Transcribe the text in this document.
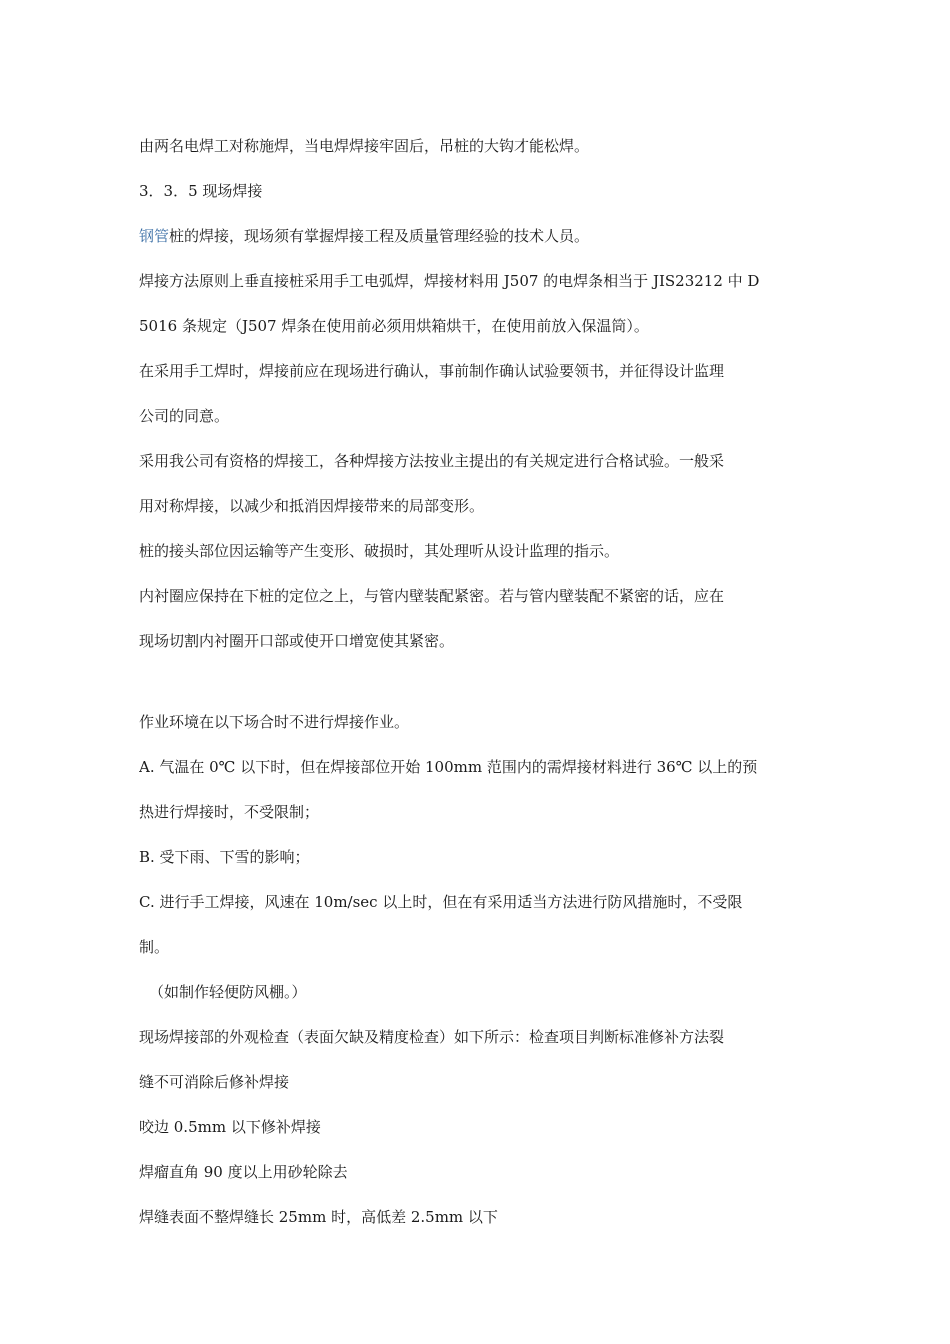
由两名电焊工对称施焊，当电焊焊接牢固后，吊桩的大钩才能松焊。
3．3．5 现场焊接
钢管桩的焊接，现场须有掌握焊接工程及质量管理经验的技术人员。
焊接方法原则上垂直接桩采用手工电弧焊，焊接材料用 J507 的电焊条相当于 JIS23212 中 D
5016 条规定（J507 焊条在使用前必须用烘箱烘干，在使用前放入保温筒）。
在采用手工焊时，焊接前应在现场进行确认，事前制作确认试验要领书，并征得设计监理
公司的同意。
采用我公司有资格的焊接工，各种焊接方法按业主提出的有关规定进行合格试验。一般采
用对称焊接，以减少和抵消因焊接带来的局部变形。
桩的接头部位因运输等产生变形、破损时，其处理听从设计监理的指示。
内衬圈应保持在下桩的定位之上，与管内壁装配紧密。若与管内壁装配不紧密的话，应在
现场切割内衬圈开口部或使开口增宽使其紧密。
作业环境在以下场合时不进行焊接作业。
A. 气温在 0℃ 以下时，但在焊接部位开始 100mm 范围内的需焊接材料进行 36℃ 以上的预
热进行焊接时，不受限制；
B. 受下雨、下雪的影响；
C. 进行手工焊接，风速在 10m/sec 以上时，但在有采用适当方法进行防风措施时，不受限
制。
（如制作轻便防风棚。）
现场焊接部的外观检查（表面欠缺及精度检查）如下所示：检查项目判断标准修补方法裂
缝不可消除后修补焊接
咬边 0.5mm 以下修补焊接
焊瘤直角 90 度以上用砂轮除去
焊缝表面不整焊缝长 25mm 时，高低差 2.5mm 以下
